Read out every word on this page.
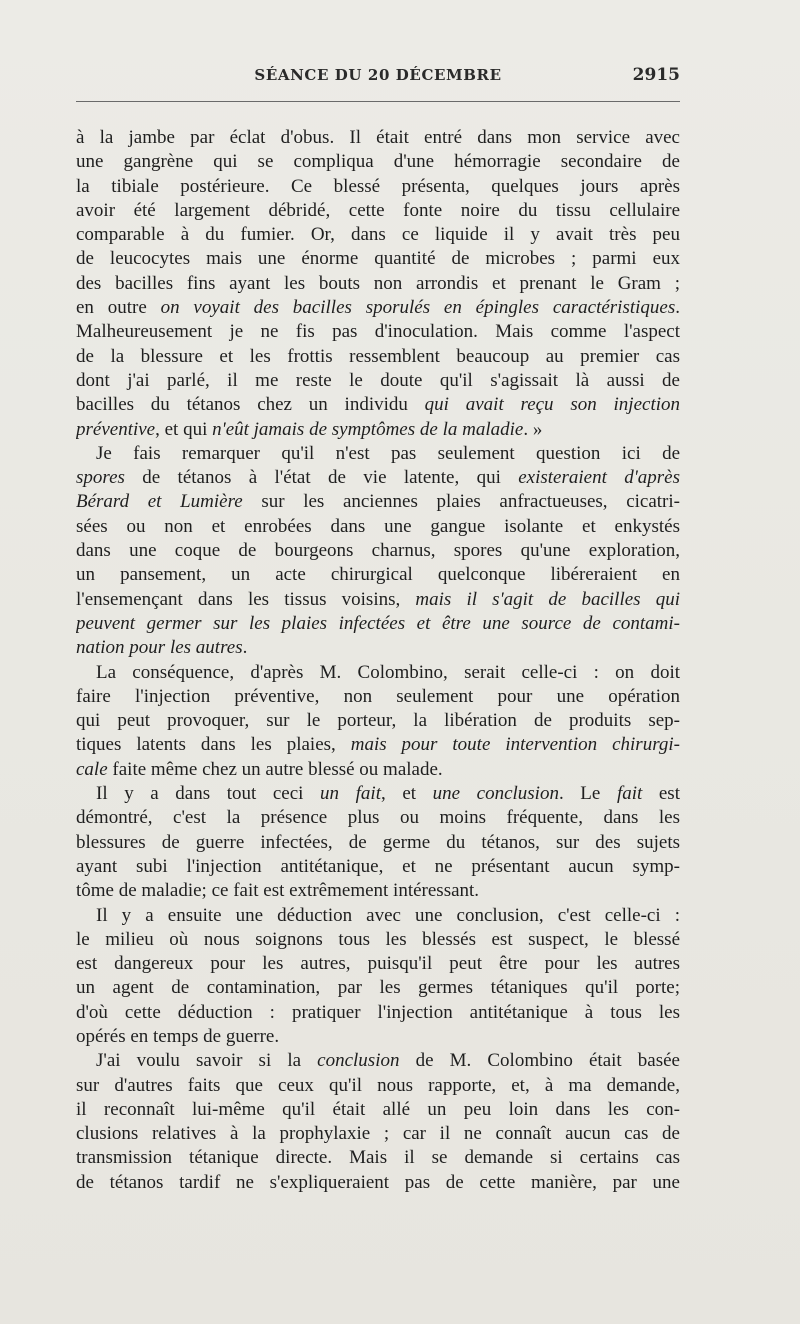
SÉANCE DU 20 DÉCEMBRE	2915
à la jambe par éclat d'obus. Il était entré dans mon service avec
une gangrène qui se compliqua d'une hémorragie secondaire de
la tibiale postérieure. Ce blessé présenta, quelques jours après
avoir été largement débridé, cette fonte noire du tissu cellulaire
comparable à du fumier. Or, dans ce liquide il y avait très peu
de leucocytes mais une énorme quantité de microbes ; parmi eux
des bacilles fins ayant les bouts non arrondis et prenant le Gram ;
en outre on voyait des bacilles sporulés en épingles caractéristiques.
Malheureusement je ne fis pas d'inoculation. Mais comme l'aspect
de la blessure et les frottis ressemblent beaucoup au premier cas
dont j'ai parlé, il me reste le doute qu'il s'agissait là aussi de
bacilles du tétanos chez un individu qui avait reçu son injection
préventive, et qui n'eût jamais de symptômes de la maladie. »
Je fais remarquer qu'il n'est pas seulement question ici de
spores de tétanos à l'état de vie latente, qui existeraient d'après
Bérard et Lumière sur les anciennes plaies anfractueuses, cicatri-
sées ou non et enrobées dans une gangue isolante et enkystés
dans une coque de bourgeons charnus, spores qu'une exploration,
un pansement, un acte chirurgical quelconque libéreraient en
l'ensemençant dans les tissus voisins, mais il s'agit de bacilles qui
peuvent germer sur les plaies infectées et être une source de contami-
nation pour les autres.
La conséquence, d'après M. Colombino, serait celle-ci : on doit
faire l'injection préventive, non seulement pour une opération
qui peut provoquer, sur le porteur, la libération de produits sep-
tiques latents dans les plaies, mais pour toute intervention chirurgi-
cale faite même chez un autre blessé ou malade.
Il y a dans tout ceci un fait, et une conclusion. Le fait est
démontré, c'est la présence plus ou moins fréquente, dans les
blessures de guerre infectées, de germe du tétanos, sur des sujets
ayant subi l'injection antitétanique, et ne présentant aucun symp-
tôme de maladie; ce fait est extrêmement intéressant.
Il y a ensuite une déduction avec une conclusion, c'est celle-ci :
le milieu où nous soignons tous les blessés est suspect, le blessé
est dangereux pour les autres, puisqu'il peut être pour les autres
un agent de contamination, par les germes tétaniques qu'il porte;
d'où cette déduction : pratiquer l'injection antitétanique à tous les
opérés en temps de guerre.
J'ai voulu savoir si la conclusion de M. Colombino était basée
sur d'autres faits que ceux qu'il nous rapporte, et, à ma demande,
il reconnaît lui-même qu'il était allé un peu loin dans les con-
clusions relatives à la prophylaxie ; car il ne connaît aucun cas de
transmission tétanique directe. Mais il se demande si certains cas
de tétanos tardif ne s'expliqueraient pas de cette manière, par une
